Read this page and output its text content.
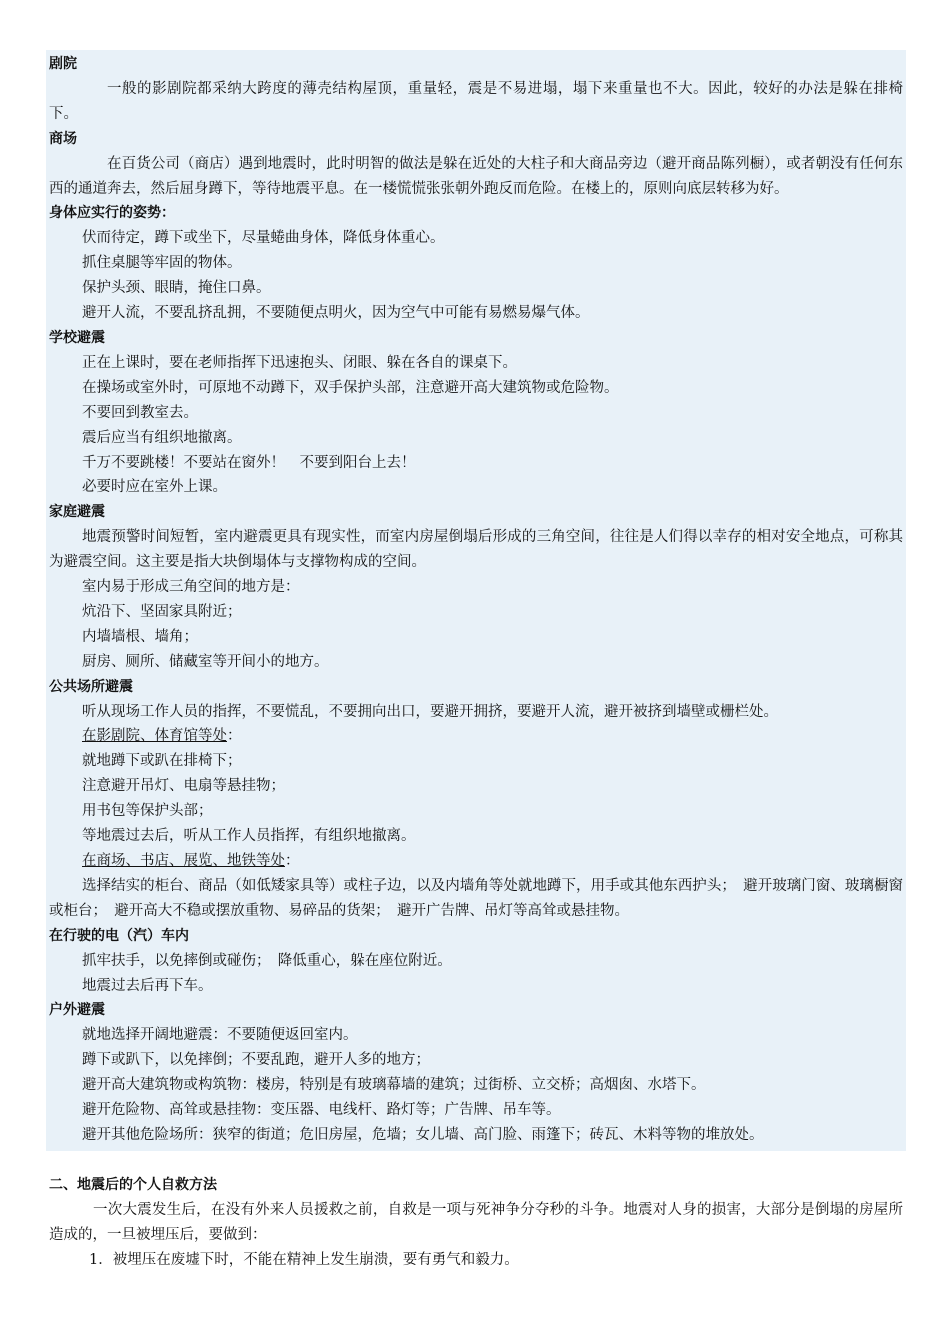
剧院
一般的影剧院都采纳大跨度的薄壳结构屋顶，重量轻，震是不易进塌，塌下来重量也不大。因此，较好的办法是躲在排椅下。
商场
在百货公司（商店）遇到地震时，此时明智的做法是躲在近处的大柱子和大商品旁边（避开商品陈列橱），或者朝没有任何东西的通道奔去，然后屈身蹲下，等待地震平息。在一楼慌慌张张朝外跑反而危险。在楼上的，原则向底层转移为好。
身体应实行的姿势：
伏而待定，蹲下或坐下，尽量蜷曲身体，降低身体重心。
抓住桌腿等牢固的物体。
保护头颈、眼睛，掩住口鼻。
避开人流，不要乱挤乱拥，不要随便点明火，因为空气中可能有易燃易爆气体。
学校避震
正在上课时，要在老师指挥下迅速抱头、闭眼、躲在各自的课桌下。
在操场或室外时，可原地不动蹲下，双手保护头部，注意避开高大建筑物或危险物。
不要回到教室去。
震后应当有组织地撤离。
千万不要跳楼！不要站在窗外！　不要到阳台上去！
必要时应在室外上课。
家庭避震
地震预警时间短暂，室内避震更具有现实性，而室内房屋倒塌后形成的三角空间，往往是人们得以幸存的相对安全地点，可称其为避震空间。这主要是指大块倒塌体与支撑物构成的空间。
室内易于形成三角空间的地方是：
炕沿下、坚固家具附近；
内墙墙根、墙角；
厨房、厕所、储藏室等开间小的地方。
公共场所避震
听从现场工作人员的指挥，不要慌乱，不要拥向出口，要避开拥挤，要避开人流，避开被挤到墙壁或栅栏处。
在影剧院、体育馆等处：
就地蹲下或趴在排椅下；
注意避开吊灯、电扇等悬挂物；
用书包等保护头部；
等地震过去后，听从工作人员指挥，有组织地撤离。
在商场、书店、展览、地铁等处：
选择结实的柜台、商品（如低矮家具等）或柱子边，以及内墙角等处就地蹲下，用手或其他东西护头；　避开玻璃门窗、玻璃橱窗或柜台；　避开高大不稳或摆放重物、易碎品的货架；　避开广告牌、吊灯等高耸或悬挂物。
在行驶的电（汽）车内
抓牢扶手，以免摔倒或碰伤；　降低重心，躲在座位附近。
地震过去后再下车。
户外避震
就地选择开阔地避震：不要随便返回室内。
蹲下或趴下，以免摔倒；不要乱跑，避开人多的地方；
避开高大建筑物或构筑物：楼房，特别是有玻璃幕墙的建筑；过街桥、立交桥；高烟囱、水塔下。
避开危险物、高耸或悬挂物：变压器、电线杆、路灯等；广告牌、吊车等。
避开其他危险场所：狭窄的街道；危旧房屋，危墙；女儿墙、高门脸、雨篷下；砖瓦、木料等物的堆放处。
二、地震后的个人自救方法
一次大震发生后，在没有外来人员援救之前，自救是一项与死神争分夺秒的斗争。地震对人身的损害，大部分是倒塌的房屋所造成的，一旦被埋压后，要做到：
1．被埋压在废墟下时，不能在精神上发生崩溃，要有勇气和毅力。
